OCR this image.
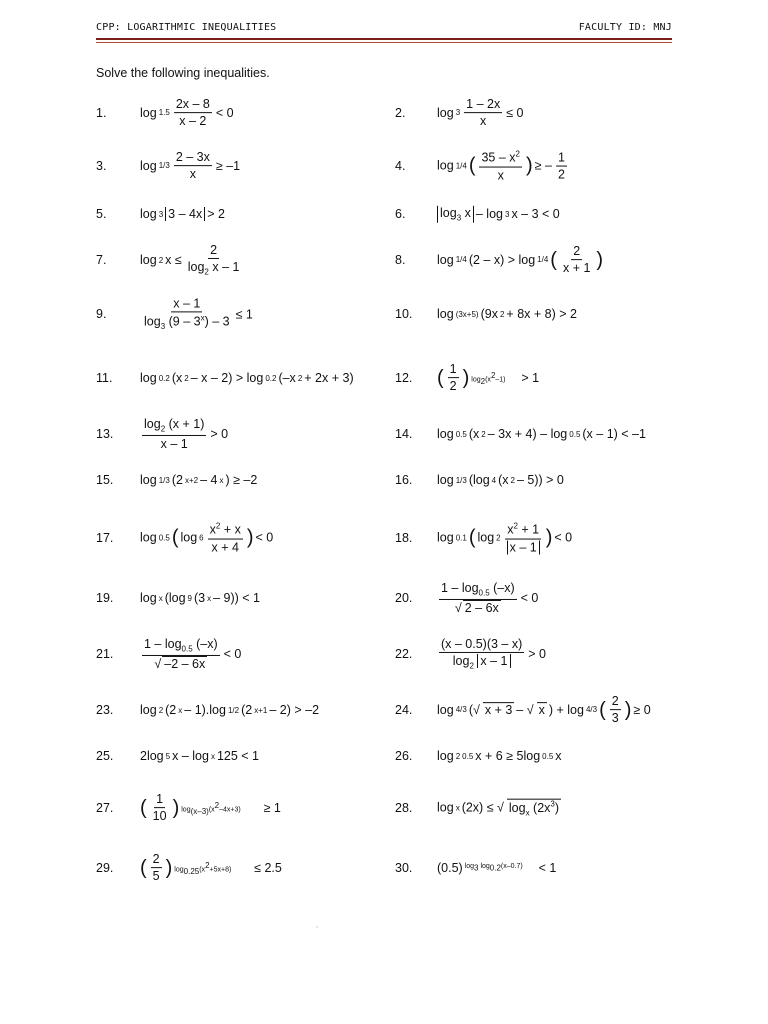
CPP: LOGARITHMIC INEQUALITIES	FACULTY ID: MNJ
Solve the following inequalities.
1.	$\log 1.5 \frac{2x - 8}{x - 2} < 0$	2.	$\log 3 \frac{1 - 2x}{x} \le 0$
3.	$\log 1/3 \frac{2 - 3x}{x} \ge -1$	4.	log 1/4 ( $\frac{35 - x^2}{x}$ ) ≥ – $\frac{1}{2}$
5.	log 3 3 – 4x > 2	6.	$\log_3 x$ – log 3 x – 3 < 0
7.	log 2 $x \le \frac{2}{\log_2 x - 1}$	8.	log 1/4 (2 – x) > log 1/4 ( $\frac{2}{x + 1}$ )
9.	$\frac{x - 1}{\log_3 (9 - 3^x) - 3} \le 1$	10. log (3x+5) (9x 2 + 8x + 8) > 2
11. log 0.2 (x 2 – x – 2) > log 0.2 (–x 2 + 2x + 3)	12. ( $\frac{1}{2}$ ) $\log_2(x^2-1) > 1$
13. $\frac{\log_2 (x + 1)}{x - 1} > 0$	14. log 0.5 (x 2 – 3x + 4) – log 0.5 (x – 1) < –1
15. log 1/3 (2 x+2 – 4 x ) ≥ –2	16. log 1/3 (log 4 (x 2 – 5)) > 0
17. log 0.5 ( $\log 6 \frac{x^2 + x}{x + 4}$ ) < 0	18. log 0.1 ( $\log 2 \frac{x^2 + 1}{x - 1}$ ) < 0
19. log x (log 9 (3 x – 9)) < 1	20. $\frac{1 - \log_{0.5} (-x)}{√ 2 - 6x} < 0$
21. $\frac{1 - \log_{0.5} (-x)}{√ -2 - 6x} < 0$	22. $\frac{(x - 0.5)(3 - x)}{\log_2 x - 1} > 0$
23. log 2 (2 x – 1).log 1/2 (2 x+1 – 2) > –2	24. log 4/3 (√ x + 3 – √ x ) + log 4/3 ( $\frac{2}{3}$ ) ≥ 0
25. 2log 5 x – log x 125 < 1	26. log 2 0.5 x + 6 ≥ 5log 0.5 x
27. ( $\frac{1}{10}$ ) $\log_{(x-3)}(x^2-4x+3) \ge 1$	28. log x (2x) ≤ √ $\log_x (2x^3)$
29. ( $\frac{2}{5}$ ) $\log_{0.25}(x^2+5x+8) \le 2.5$	30. (0.5) $\log_3 \log_{0.2}(x-0.7) < 1$
